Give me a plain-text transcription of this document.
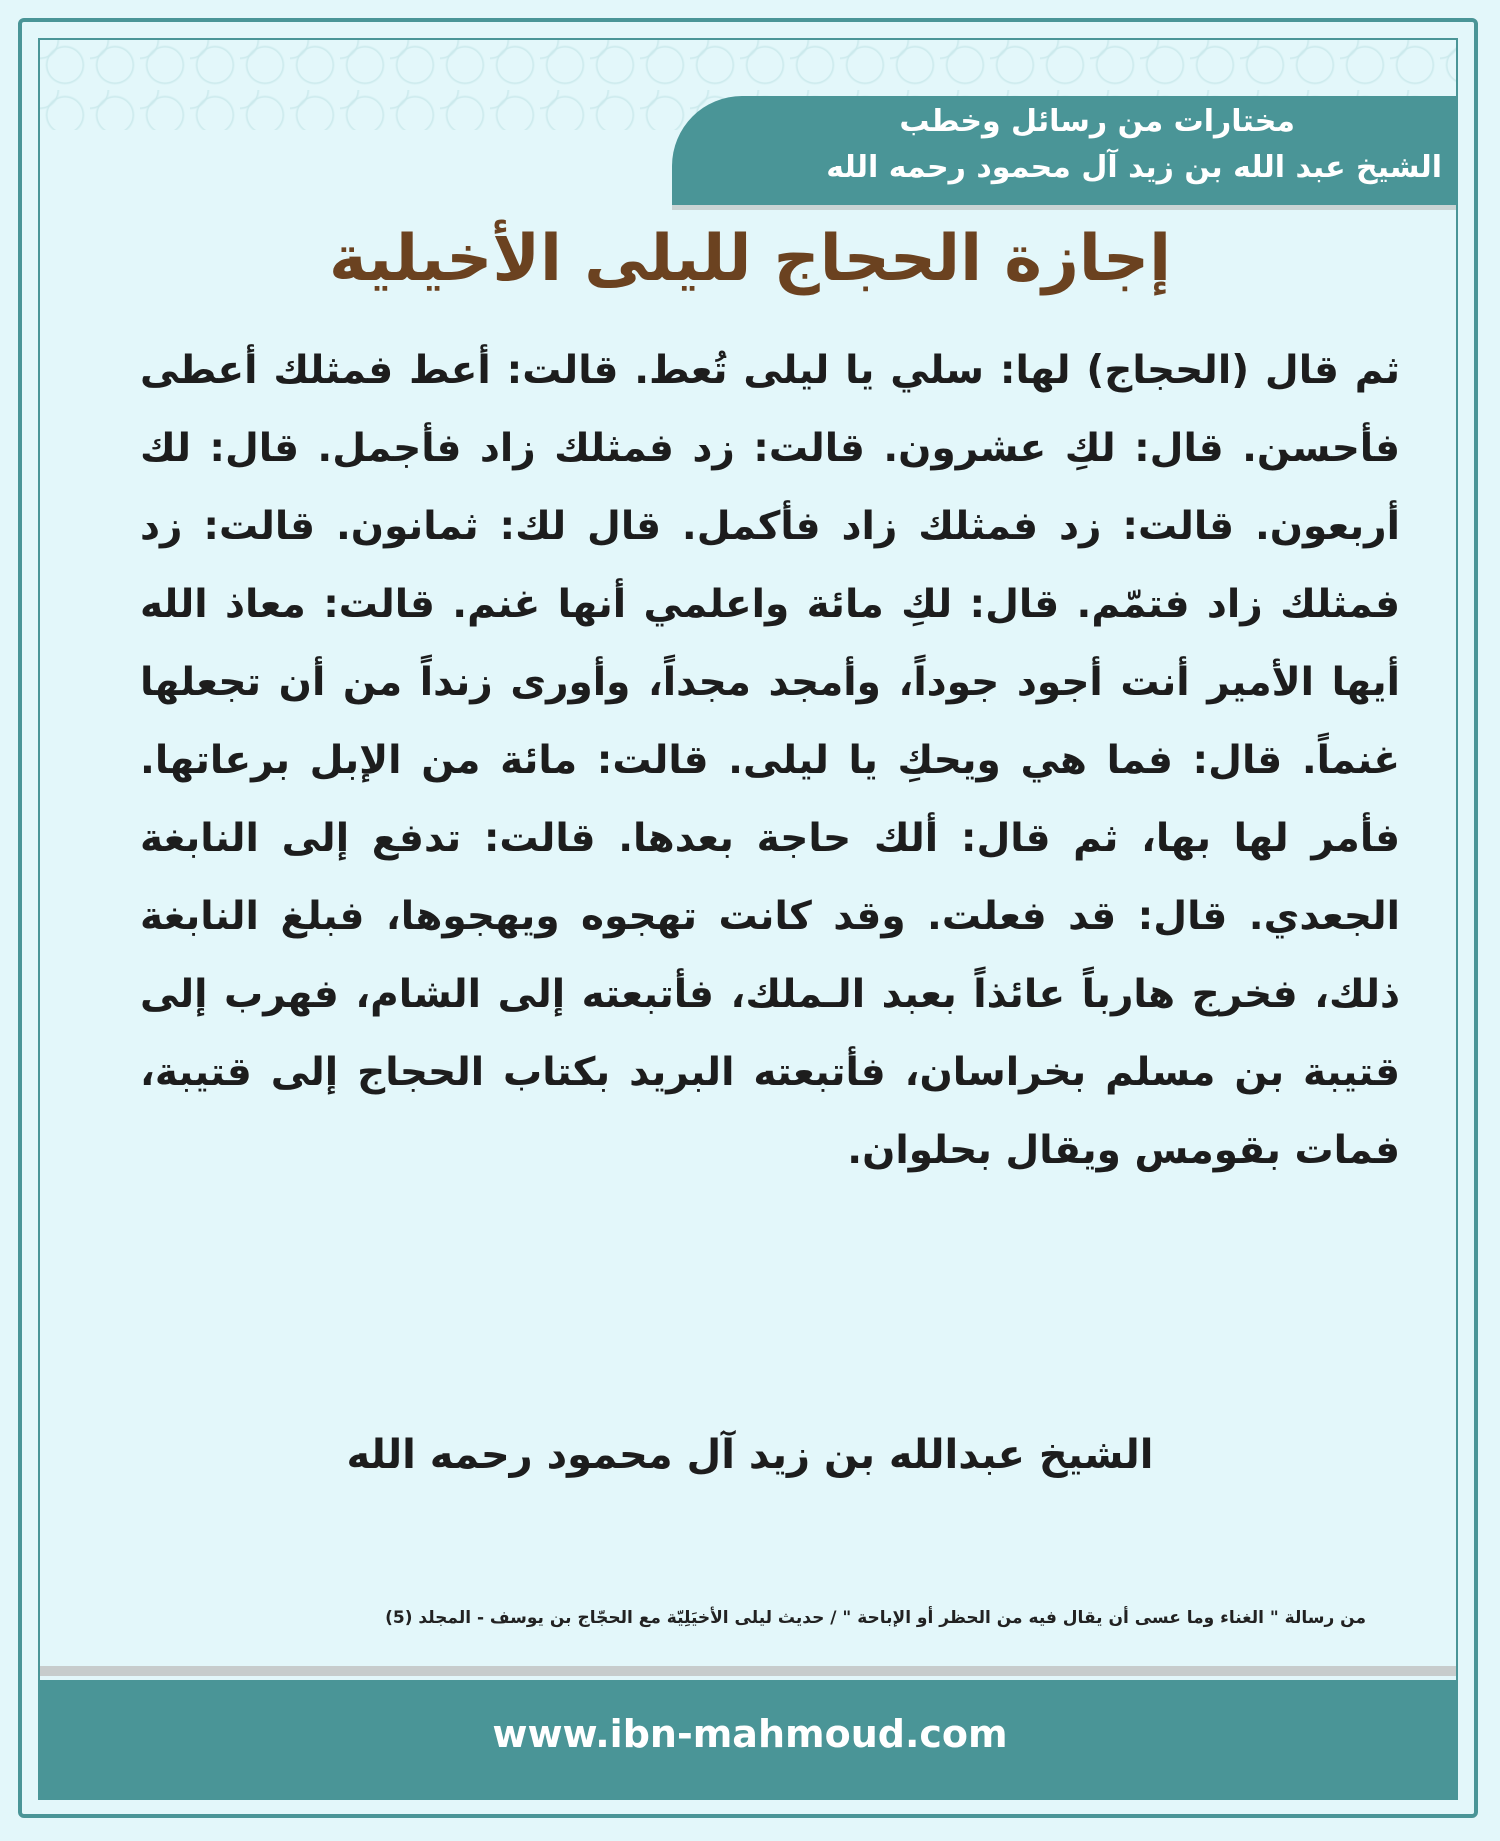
مختارات من رسائل وخطب
الشيخ عبد الله بن زيد آل محمود رحمه الله
إجازة الحجاج لليلى الأخيلية
ثم قال (الحجاج) لها: سلي يا ليلى تُعط. قالت: أعط فمثلك أعطى فأحسن. قال: لكِ عشرون. قالت: زد فمثلك زاد فأجمل. قال: لك أربعون. قالت: زد فمثلك زاد فأكمل. قال لك: ثمانون. قالت: زد فمثلك زاد فتمّم. قال: لكِ مائة واعلمي أنها غنم. قالت: معاذ الله أيها الأمير أنت أجود جوداً، وأمجد مجداً، وأورى زنداً من أن تجعلها غنماً. قال: فما هي ويحكِ يا ليلى. قالت: مائة من الإبل برعاتها. فأمر لها بها، ثم قال: ألك حاجة بعدها. قالت: تدفع إلى النابغة الجعدي. قال: قد فعلت. وقد كانت تهجوه ويهجوها، فبلغ النابغة ذلك، فخرج هارباً عائذاً بعبد الـملك، فأتبعته إلى الشام، فهرب إلى قتيبة بن مسلم بخراسان، فأتبعته البريد بكتاب الحجاج إلى قتيبة، فمات بقومس ويقال بحلوان.
الشيخ عبدالله بن زيد آل محمود رحمه الله
من رسالة " الغناء وما عسى أن يقال فيه من الحظر أو الإباحة " / حديث ليلى الأخيَلِيّة مع الحجّاج بن يوسف - المجلد (5)
www.ibn-mahmoud.com
